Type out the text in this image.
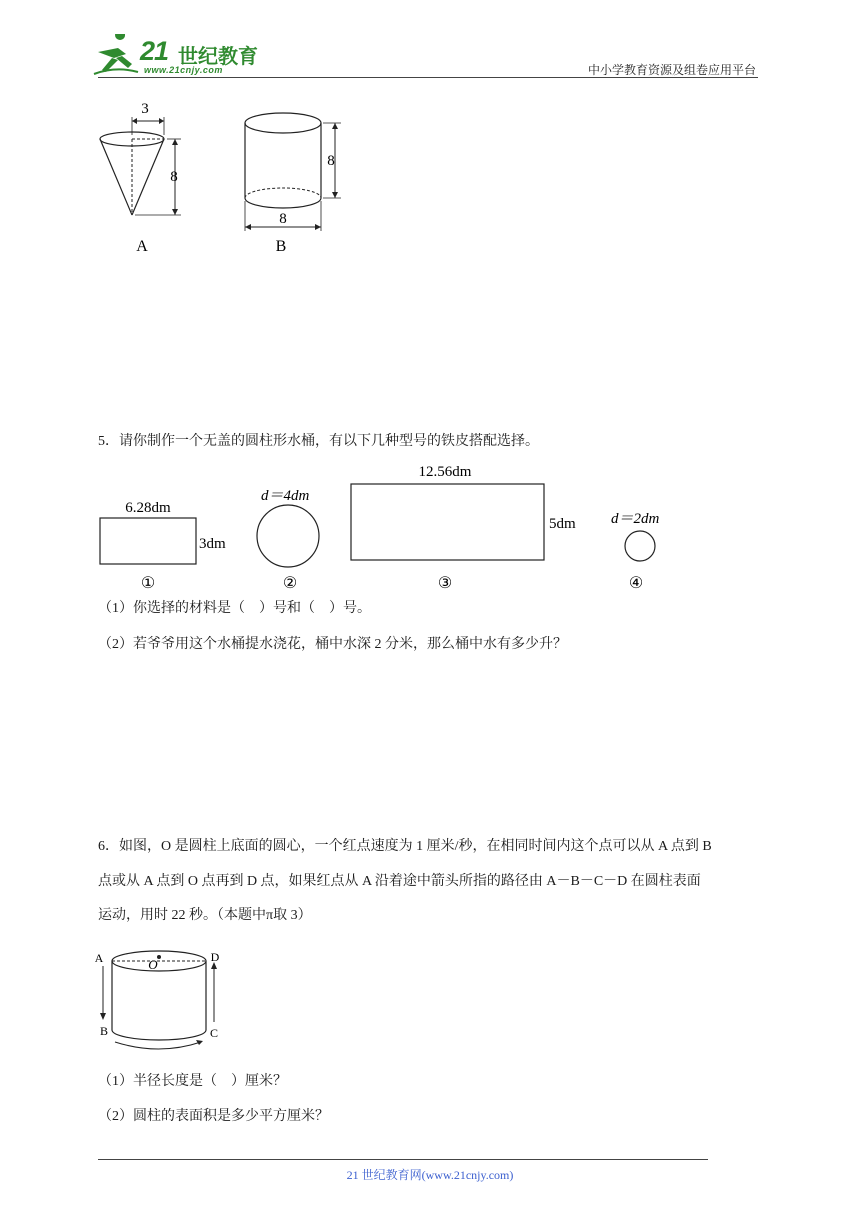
21 世纪教育
www.21cnjy.com	中小学教育资源及组卷应用平台
3
8
A
8
8
B
5．请你制作一个无盖的圆柱形水桶，有以下几种型号的铁皮搭配选择。
6.28dm
3dm
①
d＝4dm
②
12.56dm
5dm
③
d＝2dm
④
（1）你选择的材料是（　）号和（　）号。
（2）若爷爷用这个水桶提水浇花，桶中水深 2 分米，那么桶中水有多少升？
6．如图，O 是圆柱上底面的圆心，一个红点速度为 1 厘米/秒，在相同时间内这个点可以从 A 点到 B
点或从 A 点到 O 点再到 D 点，如果红点从 A 沿着途中箭头所指的路径由 A－B－C－D 在圆柱表面
运动，用时 22 秒。（本题中π取 3）
A
B	C
D
O
（1）半径长度是（　）厘米？
（2）圆柱的表面积是多少平方厘米？
21 世纪教育网(www.21cnjy.com)
